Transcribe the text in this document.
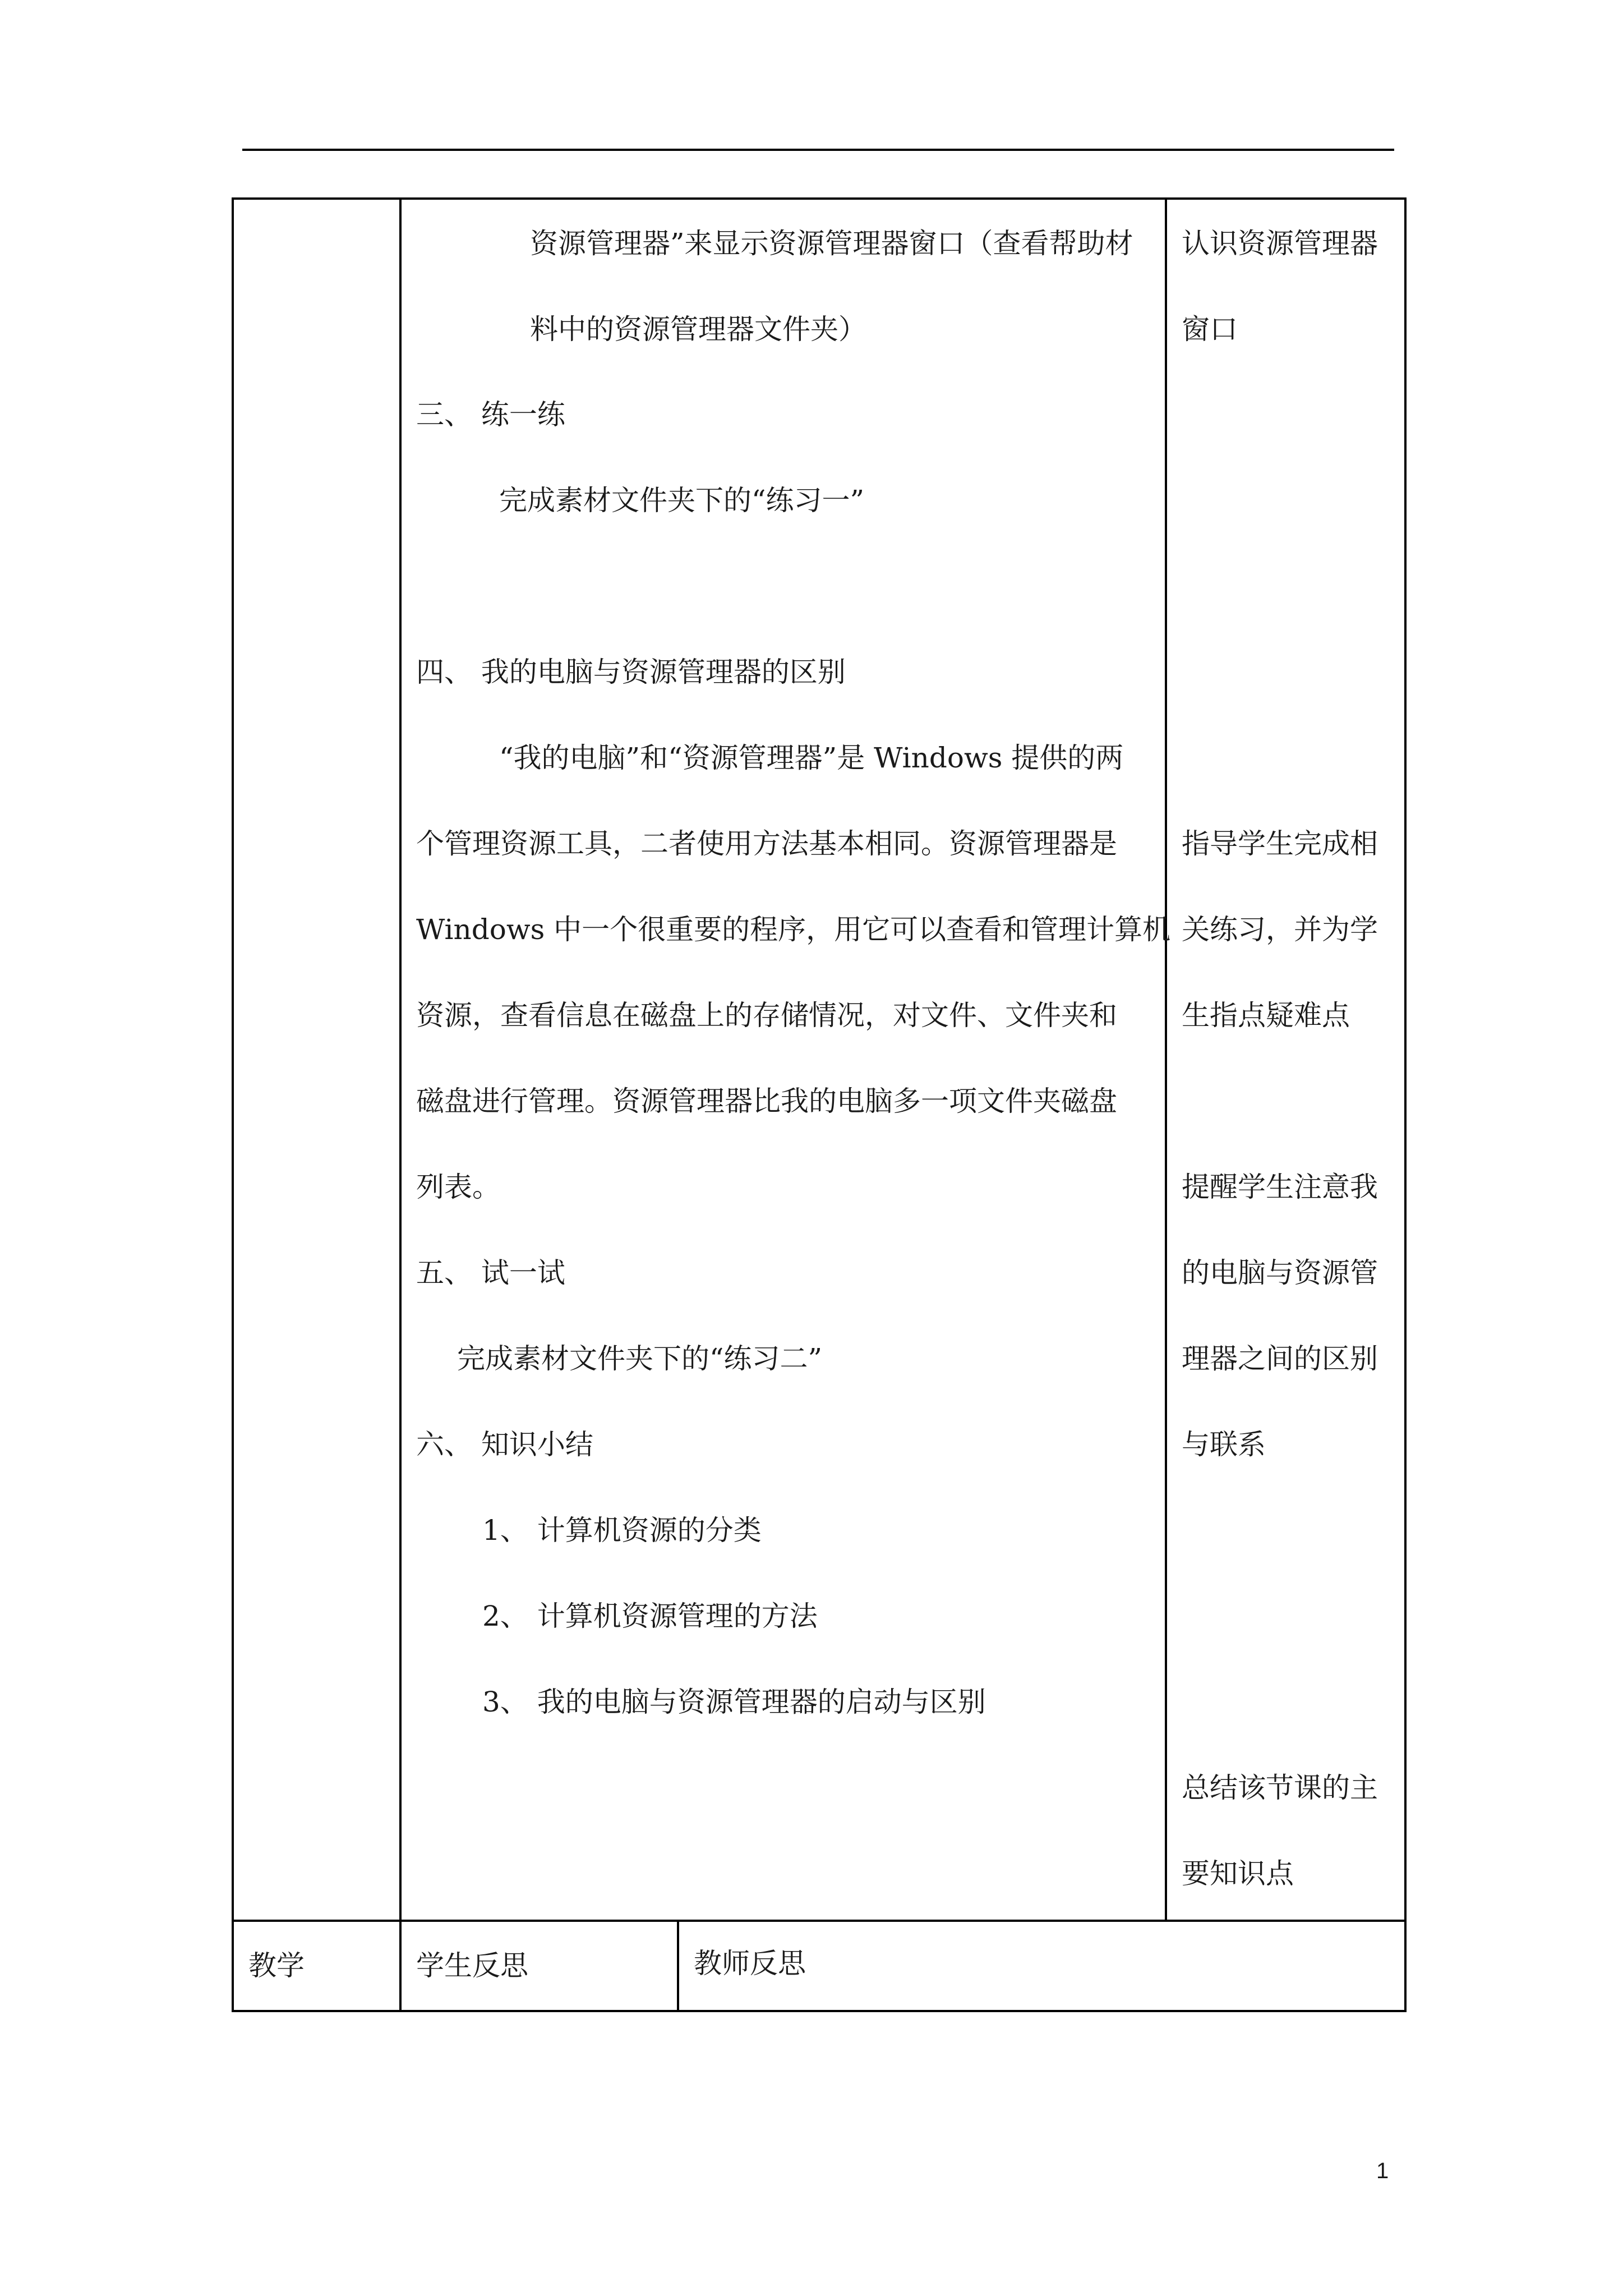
资源管理器”来显示资源管理器窗口（查看帮助材
料中的资源管理器文件夹）
三、 练一练
完成素材文件夹下的“练习一”
四、 我的电脑与资源管理器的区别
“我的电脑”和“资源管理器”是 Windows 提供的两
个管理资源工具，二者使用方法基本相同。资源管理器是
Windows 中一个很重要的程序，用它可以查看和管理计算机
资源，查看信息在磁盘上的存储情况，对文件、文件夹和
磁盘进行管理。资源管理器比我的电脑多一项文件夹磁盘
列表。
五、 试一试
完成素材文件夹下的“练习二”
六、 知识小结
1、 计算机资源的分类
2、 计算机资源管理的方法
3、 我的电脑与资源管理器的启动与区别
认识资源管理器
窗口
指导学生完成相
关练习，并为学
生指点疑难点
提醒学生注意我
的电脑与资源管
理器之间的区别
与联系
总结该节课的主
要知识点
教学	学生反思	教师反思
1
